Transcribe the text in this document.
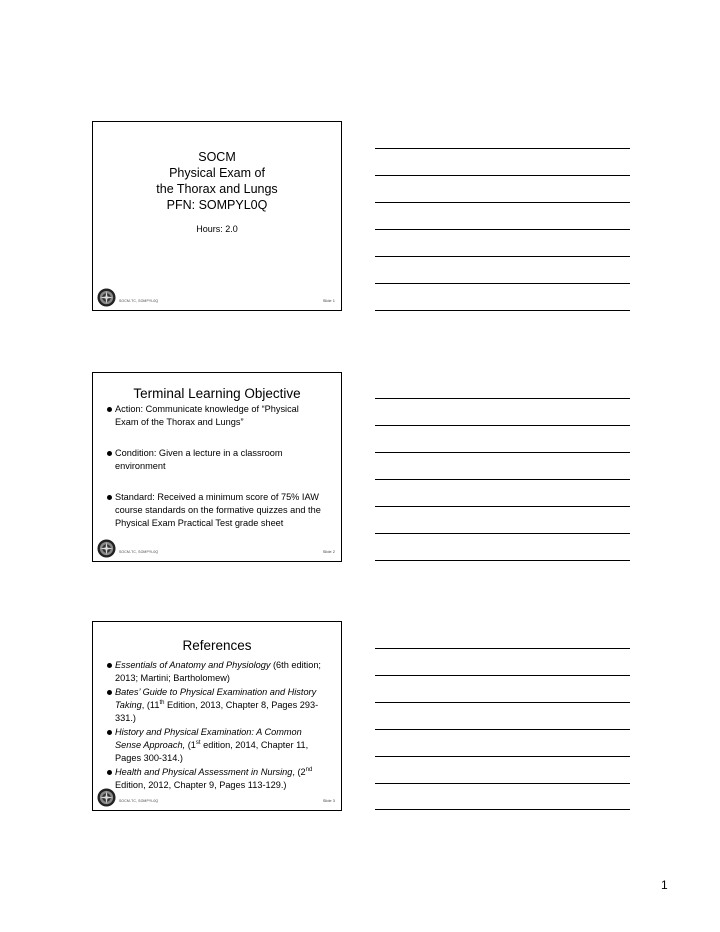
SOCM
Physical Exam of
the Thorax and Lungs
PFN: SOMPYL0Q
Hours: 2.0
SOCM-TC, SOMPYL0Q	Slide 1
Terminal Learning Objective
Action: Communicate knowledge of “Physical Exam of the Thorax and Lungs”
Condition: Given a lecture in a classroom environment
Standard: Received a minimum score of 75% IAW course standards on the formative quizzes and the Physical Exam Practical Test grade sheet
SOCM-TC, SOMPYL0Q	Slide 2
References
Essentials of Anatomy and Physiology (6th edition; 2013; Martini; Bartholomew)
Bates’ Guide to Physical Examination and History Taking, (11th Edition, 2013, Chapter 8, Pages 293-331.)
History and Physical Examination: A Common Sense Approach, (1st edition, 2014, Chapter 11, Pages 300-314.)
Health and Physical Assessment in Nursing, (2nd Edition, 2012, Chapter 9, Pages 113-129.)
SOCM-TC, SOMPYL0Q	Slide 3
1
